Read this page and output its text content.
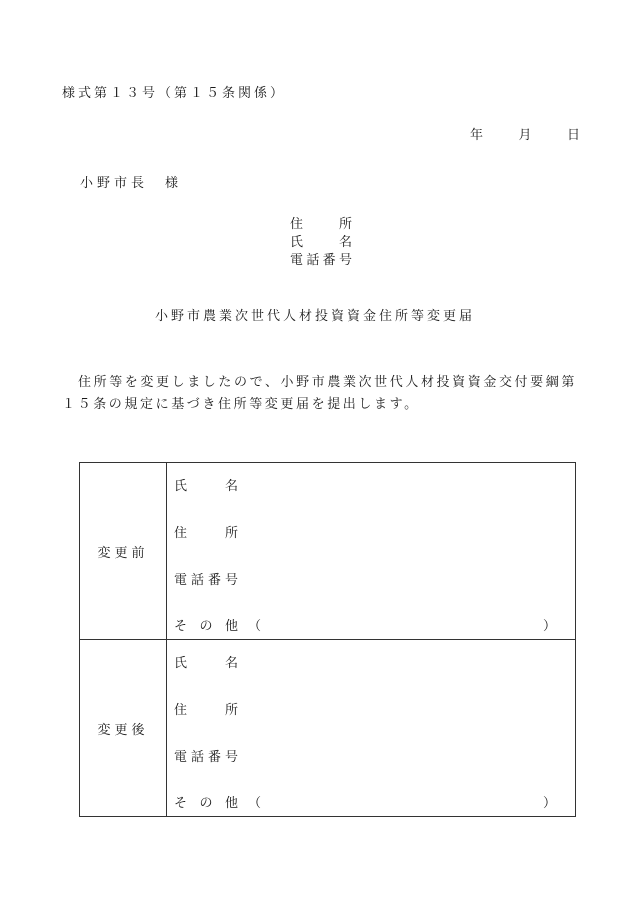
様式第１３号（第１５条関係）
年	月	日
小野市長　様
住	所
氏	名
電 話 番 号
小野市農業次世代人材投資資金住所等変更届
住所等を変更しましたので、小野市農業次世代人材投資資金交付要綱第１５条の規定に基づき住所等変更届を提出します。
変更前
氏	名
住	所
電 話 番 号
そ の 他 （	）
変更後
氏	名
住	所
電 話 番 号
そ の 他 （	）
